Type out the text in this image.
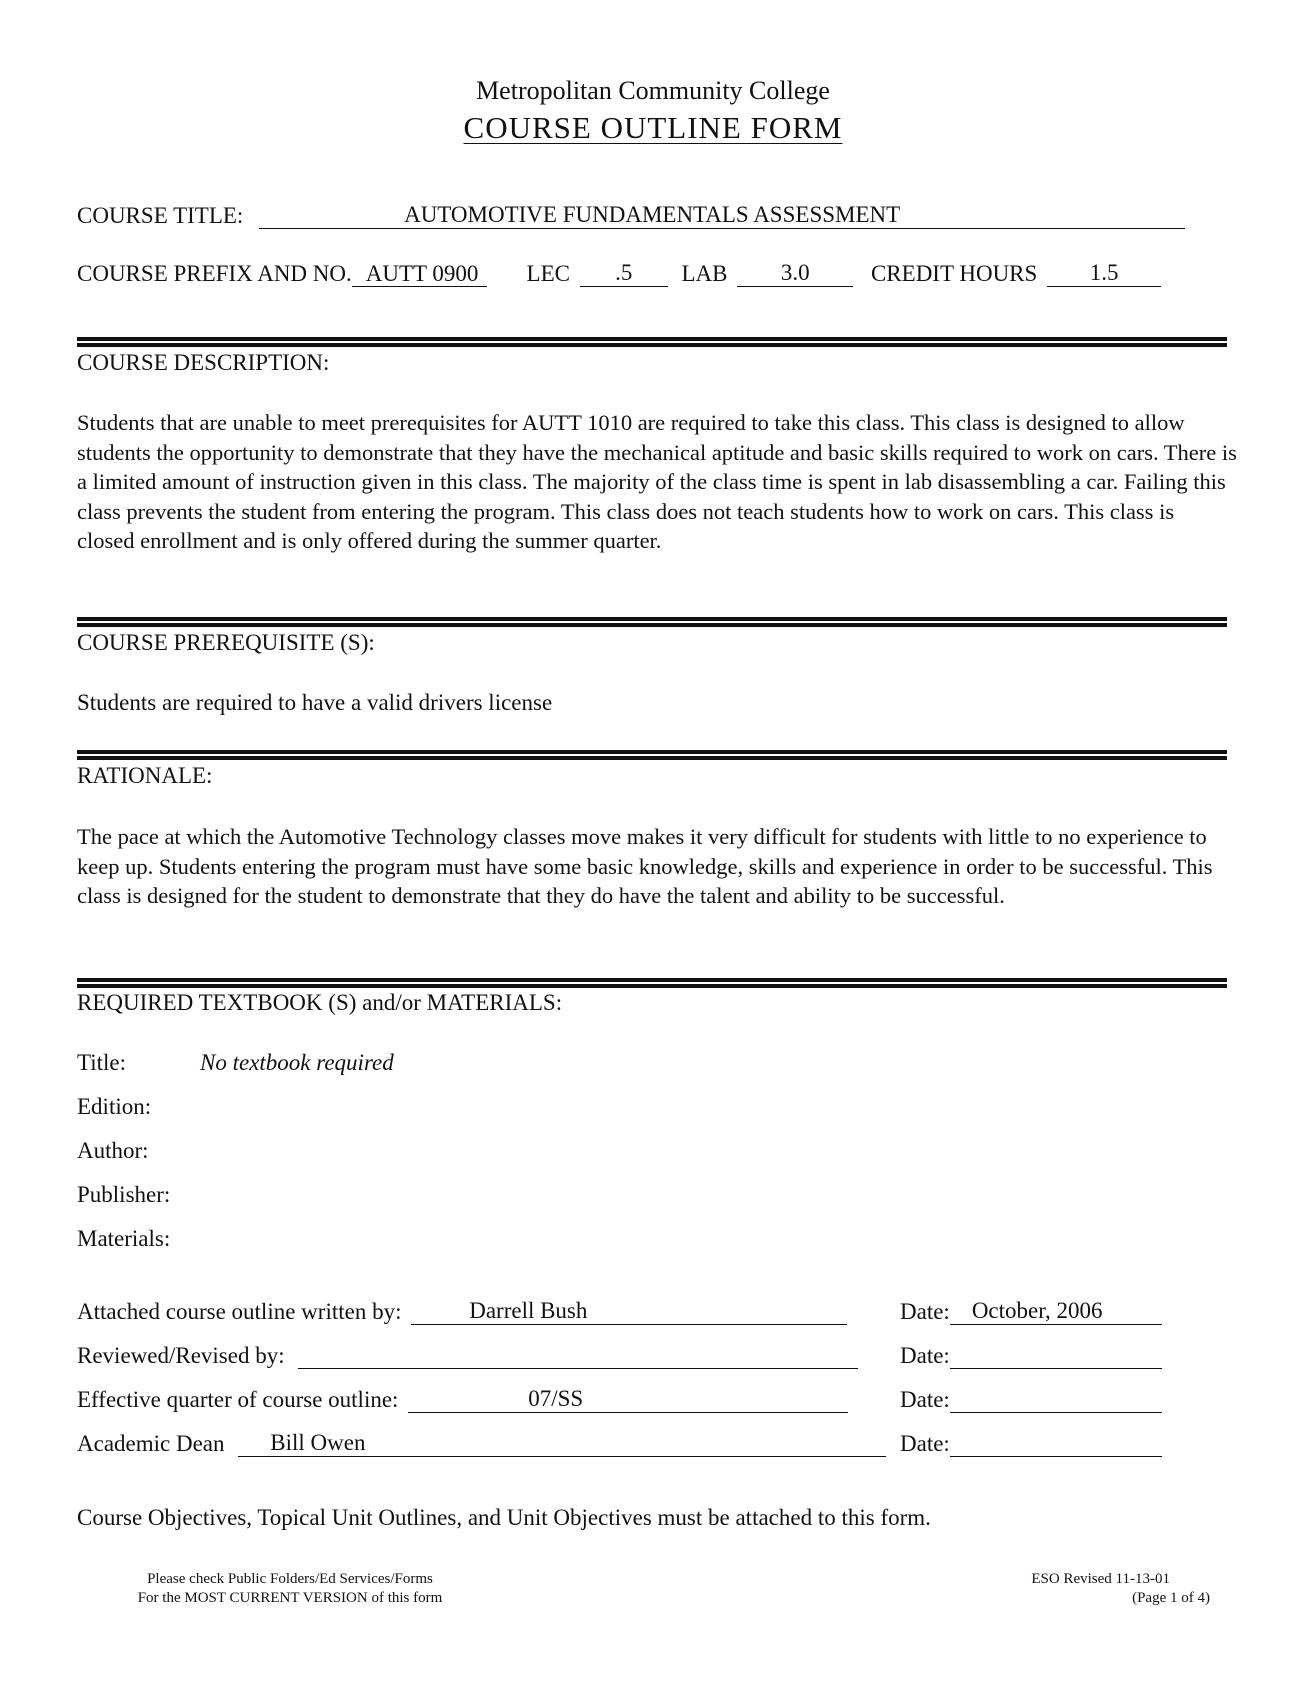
Metropolitan Community College
COURSE OUTLINE FORM
COURSE TITLE:	AUTOMOTIVE FUNDAMENTALS ASSESSMENT
COURSE PREFIX AND NO. AUTT 0900 LEC .5 LAB 3.0	CREDIT HOURS 1.5
COURSE DESCRIPTION:
Students that are unable to meet prerequisites for AUTT 1010 are required to take this class. This class is designed to allow students the opportunity to demonstrate that they have the mechanical aptitude and basic skills required to work on cars. There is a limited amount of instruction given in this class. The majority of the class time is spent in lab disassembling a car. Failing this class prevents the student from entering the program. This class does not teach students how to work on cars. This class is closed enrollment and is only offered during the summer quarter.
COURSE PREREQUISITE (S):
Students are required to have a valid drivers license
RATIONALE:
The pace at which the Automotive Technology classes move makes it very difficult for students with little to no experience to keep up. Students entering the program must have some basic knowledge, skills and experience in order to be successful. This class is designed for the student to demonstrate that they do have the talent and ability to be successful.
REQUIRED TEXTBOOK (S) and/or MATERIALS:
Title:	No textbook required
Edition:
Author:
Publisher:
Materials:
Attached course outline written by:	Darrell Bush	Date: October, 2006
Reviewed/Revised by:	Date:
Effective quarter of course outline:	07/SS	Date:
Academic Dean Bill Owen	Date:
Course Objectives, Topical Unit Outlines, and Unit Objectives must be attached to this form.
Please check Public Folders/Ed Services/Forms
For the MOST CURRENT VERSION of this form
ESO Revised 11-13-01
(Page 1 of 4)
